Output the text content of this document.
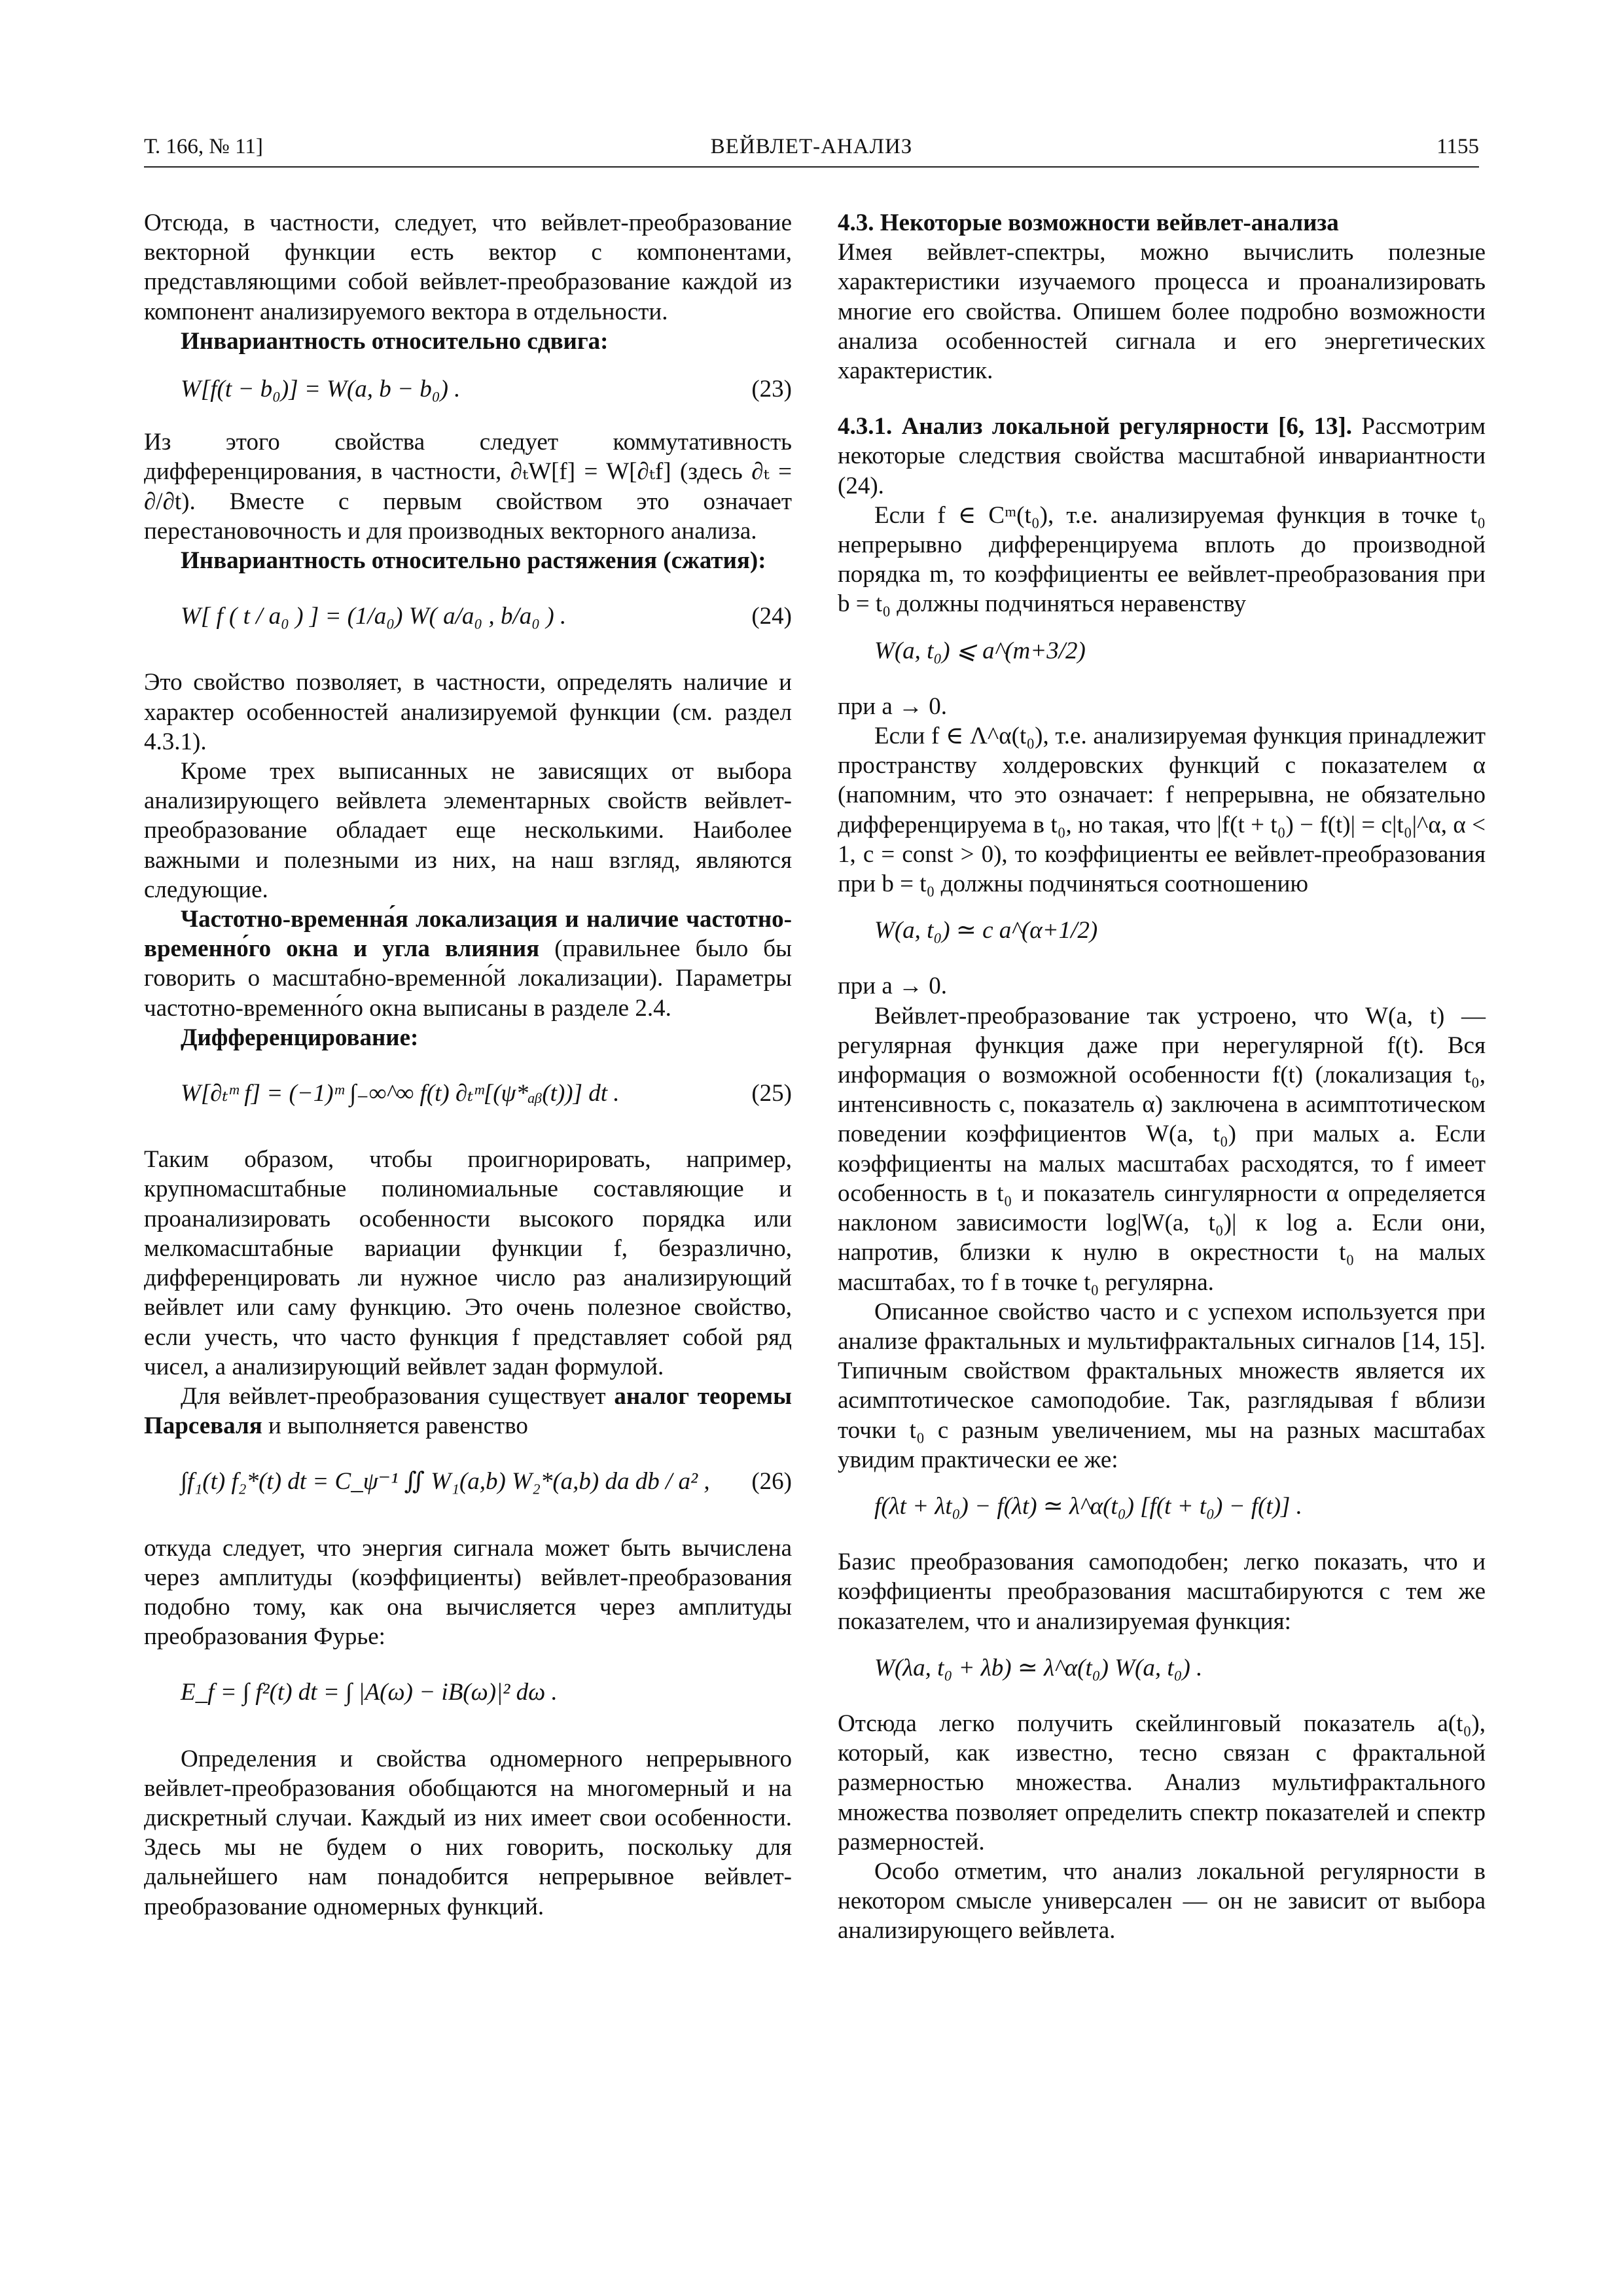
Т. 166, № 11]	ВЕЙВЛЕТ-АНАЛИЗ	1155

Отсюда, в частности, следует, что вейвлет-преобразование векторной функции есть вектор с компонентами, представляющими собой вейвлет-преобразование каждой из компонент анализируемого вектора в отдельности.

Инвариантность относительно сдвига:

W[f(t − b₀)] = W(a, b − b₀) .	(23)

Из этого свойства следует коммутативность дифференцирования, в частности, ∂ₜW[f] = W[∂ₜf] (здесь ∂ₜ = ∂/∂t). Вместе с первым свойством это означает перестановочность и для производных векторного анализа.

Инвариантность относительно растяжения (сжатия):

W[ f ( t / a₀ ) ] = (1/a₀) W( a/a₀ , b/a₀ ) .	(24)

Это свойство позволяет, в частности, определять наличие и характер особенностей анализируемой функции (см. раздел 4.3.1).

Кроме трех выписанных не зависящих от выбора анализирующего вейвлета элементарных свойств вейвлет-преобразование обладает еще несколькими. Наиболее важными и полезными из них, на наш взгляд, являются следующие.

Частотно-временна́я локализация и наличие частотно-временно́го окна и угла влияния (правильнее было бы говорить о масштабно-временно́й локализации). Параметры частотно-временно́го окна выписаны в разделе 2.4.

Дифференцирование:

W[∂ₜᵐ f] = (−1)ᵐ ∫₋∞^∞ f(t) ∂ₜᵐ[(ψ*ₐᵦ(t))] dt .	(25)

Таким образом, чтобы проигнорировать, например, крупномасштабные полиномиальные составляющие и проанализировать особенности высокого порядка или мелкомасштабные вариации функции f, безразлично, дифференцировать ли нужное число раз анализирующий вейвлет или саму функцию. Это очень полезное свойство, если учесть, что часто функция f представляет собой ряд чисел, а анализирующий вейвлет задан формулой.

Для вейвлет-преобразования существует аналог теоремы Парсеваля и выполняется равенство

∫f₁(t) f₂*(t) dt = C_ψ⁻¹ ∬ W₁(a,b) W₂*(a,b) da db / a² , (26)

откуда следует, что энергия сигнала может быть вычислена через амплитуды (коэффициенты) вейвлет-преобразования подобно тому, как она вычисляется через амплитуды преобразования Фурье:

E_f = ∫ f²(t) dt = ∫ |A(ω) − iB(ω)|² dω .

Определения и свойства одномерного непрерывного вейвлет-преобразования обобщаются на многомерный и на дискретный случаи. Каждый из них имеет свои особенности. Здесь мы не будем о них говорить, поскольку для дальнейшего нам понадобится непрерывное вейвлет-преобразование одномерных функций.

4.3. Некоторые возможности вейвлет-анализа

Имея вейвлет-спектры, можно вычислить полезные характеристики изучаемого процесса и проанализировать многие его свойства. Опишем более подробно возможности анализа особенностей сигнала и его энергетических характеристик.

4.3.1. Анализ локальной регулярности [6, 13]. Рассмотрим некоторые следствия свойства масштабной инвариантности (24).

Если f ∈ Cᵐ(t₀), т.е. анализируемая функция в точке t₀ непрерывно дифференцируема вплоть до производной порядка m, то коэффициенты ее вейвлет-преобразования при b = t₀ должны подчиняться неравенству

W(a, t₀) ⩽ a^(m+3/2)

при a → 0.

Если f ∈ Λ^α(t₀), т.е. анализируемая функция принадлежит пространству холдеровских функций с показателем α (напомним, что это означает: f непрерывна, не обязательно дифференцируема в t₀, но такая, что |f(t + t₀) − f(t)| = c|t₀|^α, α < 1, c = const > 0), то коэффициенты ее вейвлет-преобразования при b = t₀ должны подчиняться соотношению

W(a, t₀) ≃ c a^(α+1/2)

при a → 0.

Вейвлет-преобразование так устроено, что W(a, t) — регулярная функция даже при нерегулярной f(t). Вся информация о возможной особенности f(t) (локализация t₀, интенсивность c, показатель α) заключена в асимптотическом поведении коэффициентов W(a, t₀) при малых a. Если коэффициенты на малых масштабах расходятся, то f имеет особенность в t₀ и показатель сингулярности α определяется наклоном зависимости log|W(a, t₀)| к log a. Если они, напротив, близки к нулю в окрестности t₀ на малых масштабах, то f в точке t₀ регулярна.

Описанное свойство часто и с успехом используется при анализе фрактальных и мультифрактальных сигналов [14, 15]. Типичным свойством фрактальных множеств является их асимптотическое самоподобие. Так, разглядывая f вблизи точки t₀ с разным увеличением, мы на разных масштабах увидим практически ее же:

f(λt + λt₀) − f(λt) ≃ λ^α(t₀) [f(t + t₀) − f(t)] .

Базис преобразования самоподобен; легко показать, что и коэффициенты преобразования масштабируются с тем же показателем, что и анализируемая функция:

W(λa, t₀ + λb) ≃ λ^α(t₀) W(a, t₀) .

Отсюда легко получить скейлинговый показатель a(t₀), который, как известно, тесно связан с фрактальной размерностью множества. Анализ мультифрактального множества позволяет определить спектр показателей и спектр размерностей.

Особо отметим, что анализ локальной регулярности в некотором смысле универсален — он не зависит от выбора анализирующего вейвлета.
